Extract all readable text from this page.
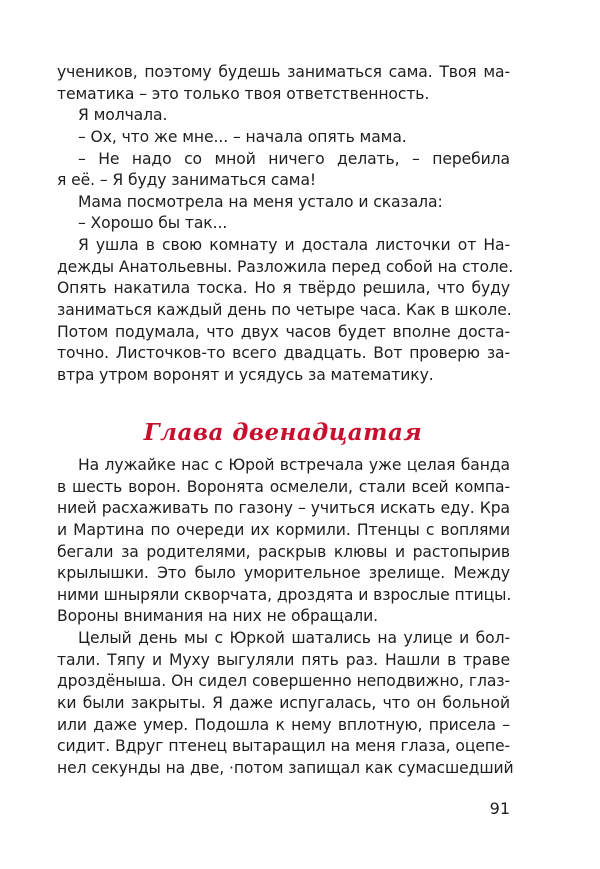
учеников, поэтому будешь заниматься сама. Твоя ма-
тематика – это только твоя ответственность.
Я молчала.
– Ох, что же мне... – начала опять мама.
– Не надо со мной ничего делать, – перебила
я её. – Я буду заниматься сама!
Мама посмотрела на меня устало и сказала:
– Хорошо бы так...
Я ушла в свою комнату и достала листочки от На-
дежды Анатольевны. Разложила перед собой на столе.
Опять накатила тоска. Но я твёрдо решила, что буду
заниматься каждый день по четыре часа. Как в школе.
Потом подумала, что двух часов будет вполне доста-
точно. Листочков-то всего двадцать. Вот проверю за-
втра утром воронят и усядусь за математику.
Глава двенадцатая
На лужайке нас с Юрой встречала уже целая банда
в шесть ворон. Воронята осмелели, стали всей компа-
нией расхаживать по газону – учиться искать еду. Кра
и Мартина по очереди их кормили. Птенцы с воплями
бегали за родителями, раскрыв клювы и растопырив
крылышки. Это было уморительное зрелище. Между
ними шныряли скворчата, дроздята и взрослые птицы.
Вороны внимания на них не обращали.
Целый день мы с Юркой шатались на улице и бол-
тали. Тяпу и Муху выгуляли пять раз. Нашли в траве
дроздёныша. Он сидел совершенно неподвижно, глаз-
ки были закрыты. Я даже испугалась, что он больной
или даже умер. Подошла к нему вплотную, присела –
сидит. Вдруг птенец вытаращил на меня глаза, оцепе-
нел секунды на две, ·потом запищал как сумасшедший
91
